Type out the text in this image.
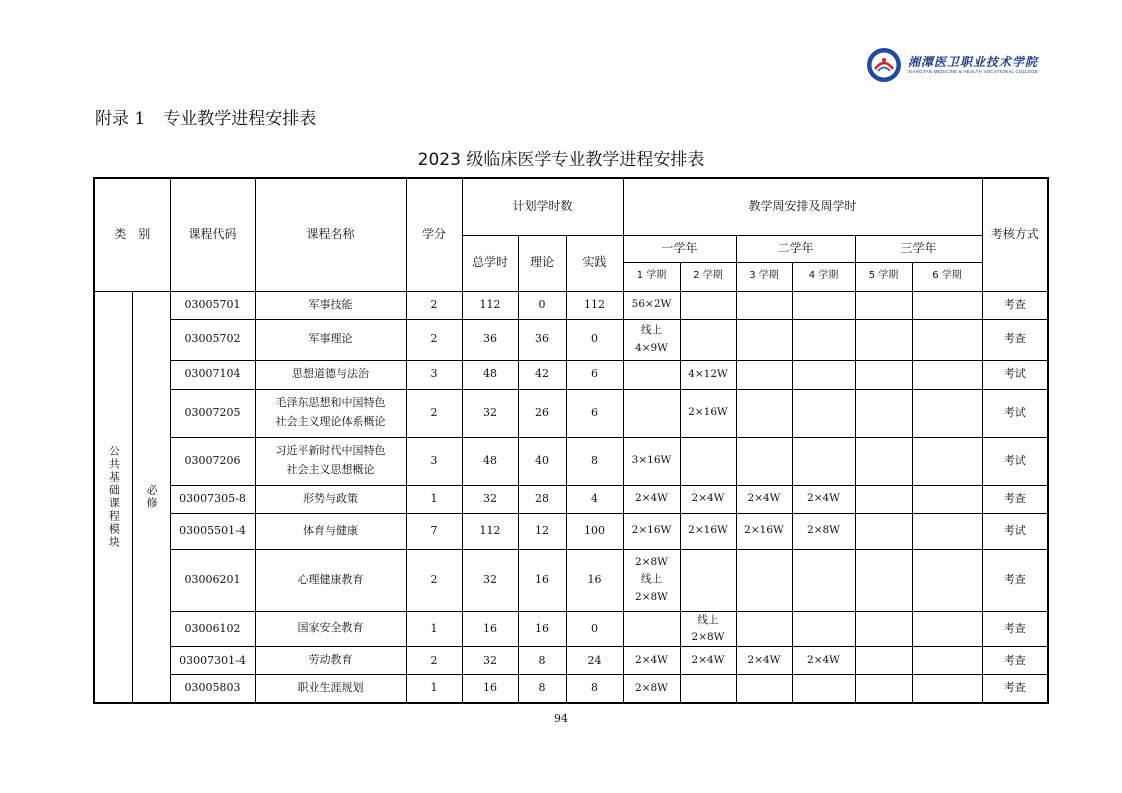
湘潭医卫职业技术学院
XIANGTAN MEDICINE & HEALTH VOCATIONAL COLLEGE
附录 1 专业教学进程安排表
2023 级临床医学专业教学进程安排表
类　别		课程代码	课程名称	学分	计划学时数			教学周安排及周学时						考核方式
					总学时	理论	实践	一学年		二学年		三学年		
								1 学期	2 学期	3 学期	4 学期	5 学期	6 学期	
公共基础课程模块	必修	03005701	军事技能	2	112	0	112	56×2W						考查
		03005702	军事理论	2	36	36	0	线上
4×9W						考查
		03007104	思想道德与法治	3	48	42	6		4×12W					考试
		03007205	毛泽东思想和中国特色
社会主义理论体系概论	2	32	26	6		2×16W					考试
		03007206	习近平新时代中国特色
社会主义思想概论	3	48	40	8	3×16W						考试
		03007305-8	形势与政策	1	32	28	4	2×4W	2×4W	2×4W	2×4W			考查
		03005501-4	体育与健康	7	112	12	100	2×16W	2×16W	2×16W	2×8W			考试
		03006201	心理健康教育	2	32	16	16	2×8W
线上
2×8W						考查
		03006102	国家安全教育	1	16	16	0		线上 2×8W					考查
		03007301-4	劳动教育	2	32	8	24	2×4W	2×4W	2×4W	2×4W			考查
		03005803	职业生涯规划	1	16	8	8	2×8W						考查
94
